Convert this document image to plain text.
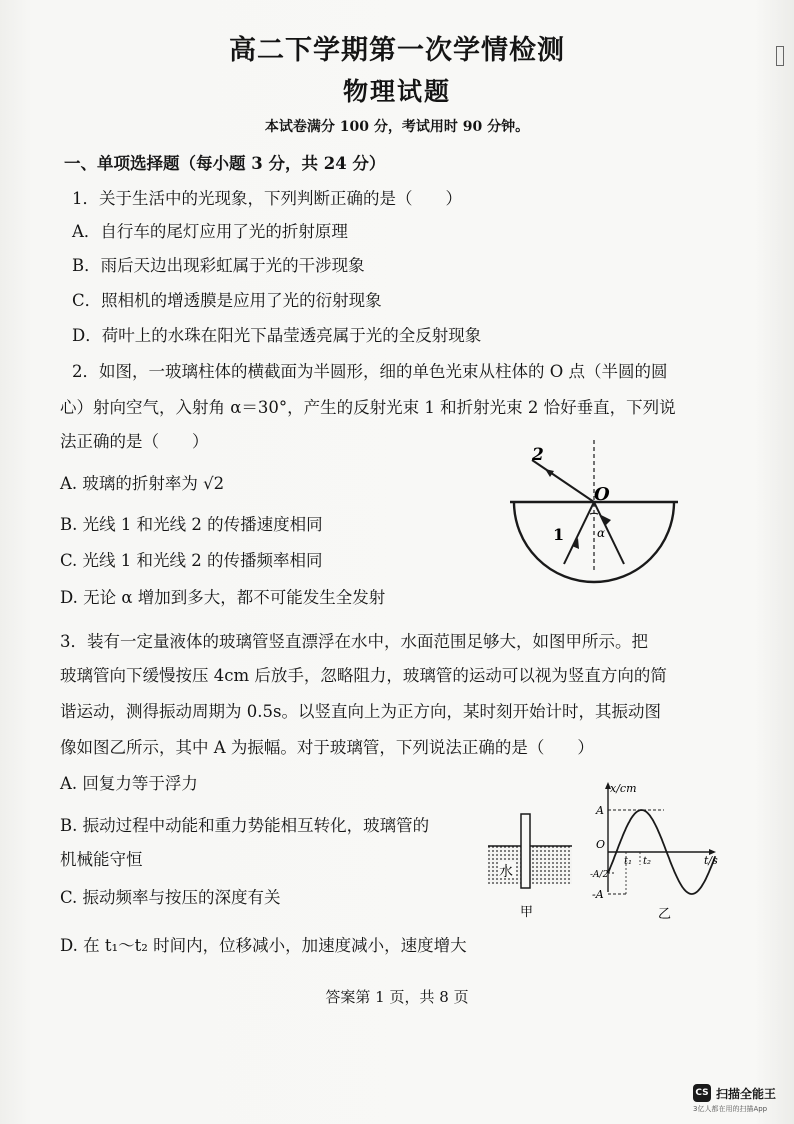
高二下学期第一次学情检测
物理试题
本试卷满分 100 分，考试用时 90 分钟。
一、单项选择题（每小题 3 分，共 24 分）
1．关于生活中的光现象，下列判断正确的是（　　）
A．自行车的尾灯应用了光的折射原理
B．雨后天边出现彩虹属于光的干涉现象
C．照相机的增透膜是应用了光的衍射现象
D．荷叶上的水珠在阳光下晶莹透亮属于光的全反射现象
2．如图，一玻璃柱体的横截面为半圆形，细的单色光束从柱体的 O 点（半圆的圆
心）射向空气，入射角 α＝30°，产生的反射光束 1 和折射光束 2 恰好垂直，下列说
法正确的是（　　）
A. 玻璃的折射率为 √2
B. 光线 1 和光线 2 的传播速度相同
C. 光线 1 和光线 2 的传播频率相同
D. 无论 α 增加到多大，都不可能发生全发射
2
1
O
α
3．装有一定量液体的玻璃管竖直漂浮在水中，水面范围足够大，如图甲所示。把
玻璃管向下缓慢按压 4cm 后放手，忽略阻力，玻璃管的运动可以视为竖直方向的简
谐运动，测得振动周期为 0.5s。以竖直向上为正方向，某时刻开始计时，其振动图
像如图乙所示，其中 A 为振幅。对于玻璃管，下列说法正确的是（　　）
A. 回复力等于浮力
B. 振动过程中动能和重力势能相互转化，玻璃管的
机械能守恒
C. 振动频率与按压的深度有关
D. 在 t₁～t₂ 时间内，位移减小，加速度减小，速度增大
水
甲
x/cm
t/s
A
O
-A/2
-A
t₁ t₂
乙
答案第 1 页，共 8 页
CS 扫描全能王
3亿人都在用的扫描App
